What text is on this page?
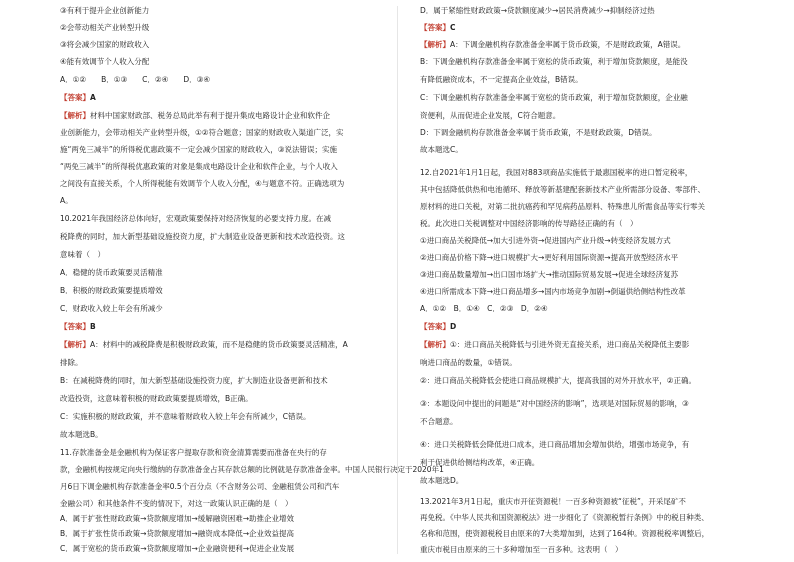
③有利于提升企业创新能力
②会带动相关产业转型升级
③将会减少国家的财政收入
④能有效调节个人收入分配
A．①②　　B．①③　　C．②④　　D．③④
【答案】A
【解析】材料中国家财政部、税务总局此举有利于提升集成电路设计企业和软件企
业创新能力，会带动相关产业转型升级，①②符合题意；国家的财政收入渠道广泛，实
施“两免三减半”的所得税优惠政策不一定会减少国家的财政收入，③说法错误；实施
“两免三减半”的所得税优惠政策的对象是集成电路设计企业和软件企业，与个人收入
之间没有直接关系，个人所得税能有效调节个人收入分配，④与题意不符。正确选项为
A。
10.2021年我国经济总体向好，宏观政策要保持对经济恢复的必要支持力度。在减
税降费的同时，加大新型基础设施投资力度，扩大制造业设备更新和技术改造投资。这
意味着（　）
A．稳健的货币政策要灵活精准
B．积极的财政政策要提质增效
C．财政收入较上年会有所减少
【答案】B
【解析】A：材料中的减税降费是积极财政政策，而不是稳健的货币政策要灵活精准，A
排除。
B：在减税降费的同时，加大新型基础设施投资力度，扩大制造业设备更新和技术
改造投资，这意味着积极的财政政策要提质增效，B正确。
C：实施积极的财政政策，并不意味着财政收入较上年会有所减少，C错误。
故本题选B。
11.存款准备金是金融机构为保证客户提取存款和资金清算需要而准备在央行的存
款，金融机构按规定向央行缴纳的存款准备金占其存款总额的比例就是存款准备金率。中国人民银行决定于2020年1
月6日下调金融机构存款准备金率0.5个百分点（不含财务公司、金融租赁公司和汽车
金融公司）和其他条件不变的情况下，对这一政策认识正确的是（　）
A．属于扩张性财政政策→贷款额度增加→缓解融资困难→助推企业增效
B．属于扩张性货币政策→贷款额度增加→融资成本降低→企业效益提高
C．属于宽松的货币政策→贷款额度增加→企业融资便利→促进企业发展
D．属于紧缩性财政政策→贷款额度减少→居民消费减少→抑制经济过热
【答案】C
【解析】A：下调金融机构存款准备金率属于货币政策，不是财政政策，A错误。
B：下调金融机构存款准备金率属于宽松的货币政策，利于增加贷款额度，是能没
有降低融资成本，不一定提高企业效益，B错误。
C：下调金融机构存款准备金率属于宽松的货币政策，利于增加贷款额度，企业融
资便利，从而促进企业发展，C符合题意。
D：下调金融机构存款准备金率属于货币政策，不是财政政策，D错误。
故本题选C。
12.自2021年1月1日起，我国对883项商品实施低于最惠国税率的进口暂定税率，
其中包括降低供热和电池循环、释放等新基建配套新技术产业所需部分设备、零部件、
原材料的进口关税，对第二批抗癌药和罕见病药品原料、特殊患儿所需食品等实行零关
税。此次进口关税调整对中国经济影响的传导路径正确的有（　）
①进口商品关税降低→加大引进外资→促进国内产业升级→转变经济发展方式
②进口商品价格下降→进口规模扩大→更好利用国际资源→提高开放型经济水平
③进口商品数量增加→出口国市场扩大→推动国际贸易发展→促进全球经济复苏
④进口所需成本下降→进口商品增多→国内市场竞争加剧→倒逼供给侧结构性改革
A．①②　B．①④　C．②③　D．②④
【答案】D
【解析】①：进口商品关税降低与引进外资无直接关系，进口商品关税降低主要影
响进口商品的数量，①错误。
②：进口商品关税降低会使进口商品规模扩大，提高我国的对外开放水平，②正确。
③：本题设问中提出的问题是“对中国经济的影响”，选项是对国际贸易的影响，③
不合题意。
④：进口关税降低会降低进口成本，进口商品增加会增加供给，增强市场竞争，有
利于促进供给侧结构改革，④正确。
故本题选D。
13.2021年3月1日起，重庆市开征资源税！一百多种资源被“征税”，开采尾矿不
再免税。《中华人民共和国资源税法》进一步细化了《资源税暂行条例》中的税目种类、
名称和范围，使资源税税目由原来的7大类增加到，达到了164种。资源税税率调整后，
重庆市税目由原来的三十多种增加至一百多种。这表明（　）
